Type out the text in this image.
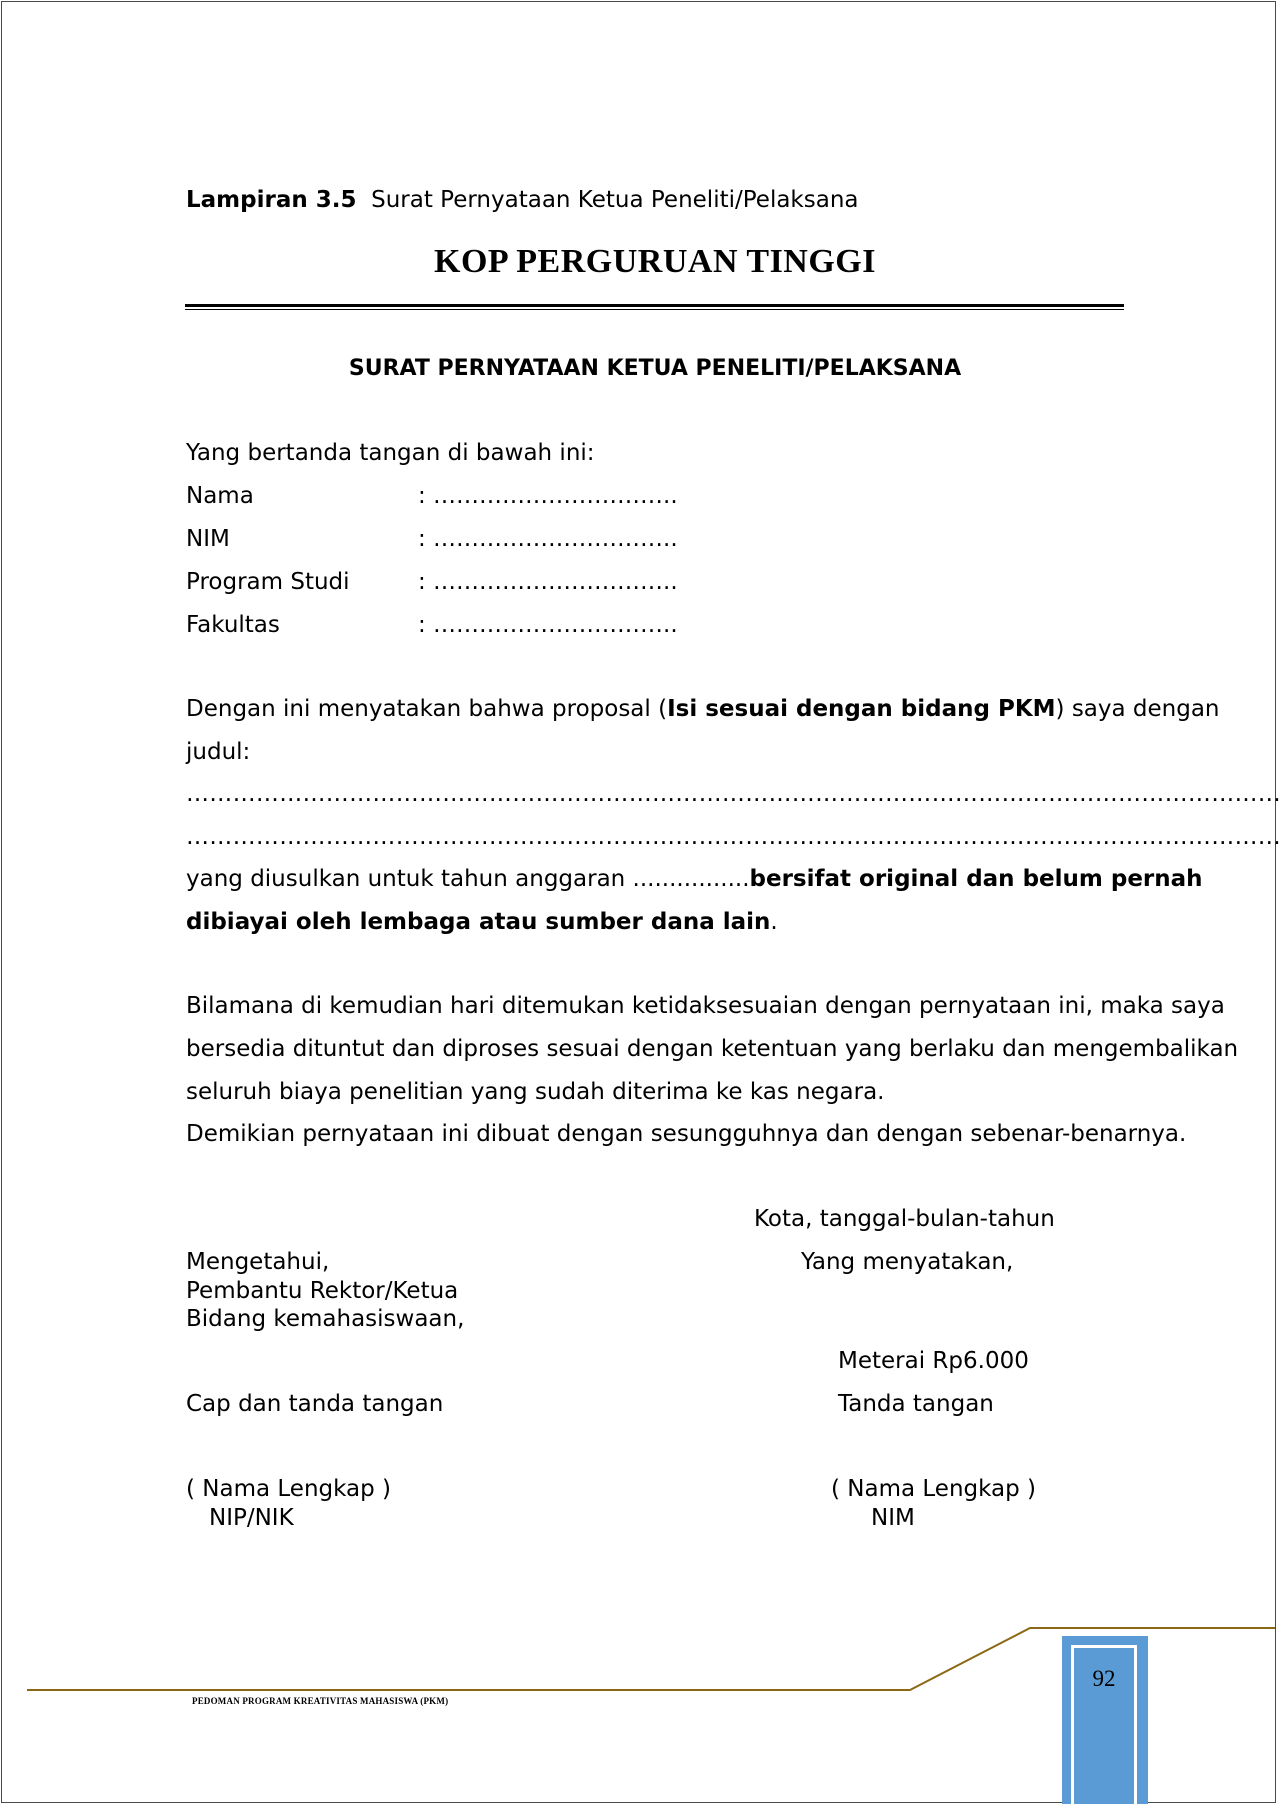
Lampiran 3.5 Surat Pernyataan Ketua Peneliti/Pelaksana
KOP PERGURUAN TINGGI
SURAT PERNYATAAN KETUA PENELITI/PELAKSANA
Yang bertanda tangan di bawah ini:
Nama	: …………………………..
NIM	: …………………………..
Program Studi	: …………………………..
Fakultas	: …………………………..
Dengan ini menyatakan bahwa proposal (Isi sesuai dengan bidang PKM) saya dengan
judul:
……………………………………………………………………………………………………………………………
……………………………………………………………………………………………………………………………
yang diusulkan untuk tahun anggaran ................ bersifat original dan belum pernah
dibiayai oleh lembaga atau sumber dana lain.
Bilamana di kemudian hari ditemukan ketidaksesuaian dengan pernyataan ini, maka saya
bersedia dituntut dan diproses sesuai dengan ketentuan yang berlaku dan mengembalikan
seluruh biaya penelitian yang sudah diterima ke kas negara.
Demikian pernyataan ini dibuat dengan sesungguhnya dan dengan sebenar-benarnya.
Kota, tanggal-bulan-tahun
Mengetahui,
Pembantu Rektor/Ketua
Bidang kemahasiswaan,
Cap dan tanda tangan
( Nama Lengkap )
NIP/NIK
Yang menyatakan,
Meterai Rp6.000
Tanda tangan
( Nama Lengkap )
NIM
92
PEDOMAN PROGRAM KREATIVITAS MAHASISWA (PKM)
